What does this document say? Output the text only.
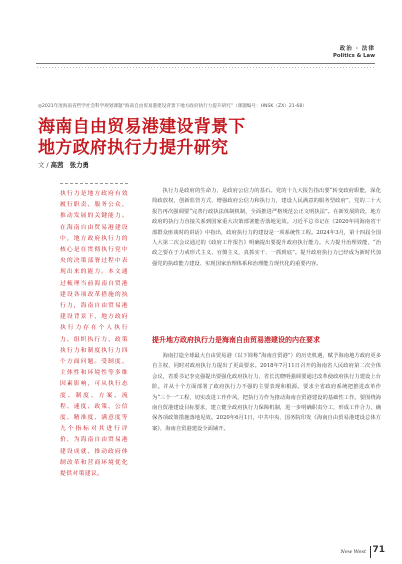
政治 · 法律
Politics & Law
◎2021年度海南省哲学社会科学规划课题“海南自由贸易港建设背景下地方政府执行力提升研究”（课题编号：HNSK（ZX）21-68）
海南自由贸易港建设背景下
地方政府执行力提升研究
文 / 高茜　张力勇
执行力是地方政府有效履行职责、服务公众、推动发展的关键能力。在海南自由贸易港建设中，地方政府执行力的核心是在贯彻执行党中央的决策部署过程中表现出来的能力。本文通过梳理当前海南自贸港建设各项改革措施的执行力，海南自由贸易港建设背景下，地方政府执行力存在个人执行力、组织执行力、政策执行力和制度执行力四个方面问题。受制度、主体性和环境性等多维因素影响，可从执行态度、制度、方案、流程、速度、政策、公信度、精准度、满意度等九个指标对其进行评价，为海南自由贸易港建设成就、推动政府体制改革和营商环境优化提供对策建议。

执行力是政府的生命力，是政府公信力的基石。党的十九大报告指出要“转变政府职能，深化简政放权，创新监管方式，增强政府公信力和执行力，建设人民满意的服务型政府”，党的二十大报告再次强调要“完善行政执法体制机制，全面推进严格规范公正文明执法”。在新发展阶段，地方政府的执行力直接关系到国家重大决策部署能否落地见效。习近平总书记在《2020年同海南省干部群众座谈时的讲话》中指出，政府执行力的建设是一项系统性工程。2024年3月，第十四届全国人大第二次会议通过的《政府工作报告》明确提出要提升政府执行能力。大力提升治理效能，“治政之要在于力戒形式主义、官僚主义，真抓实干、一抓到底”。提升政府执行力已经成为新时代加强党的执政能力建设、实现国家治理体系和治理能力现代化的重要内容。

提升地方政府执行力是海南自由贸易港建设的内在要求

海南打造全球最大自由贸易港（以下简称“海南自贸港”）的历史机遇，赋予海南地方政府更多自主权，同时对政府执行力提出了更高要求。2018年7月11日召开的海南省人民政府第二次全体会议，省委书记李克强提出要强化政府执行力，省长沈晓明强调要通过改革使政府执行力建设上台阶。并从十个方面部署了政府执行力不强的主要表现和根源。要求全省政府系统把推进改革作为“三个一”工程，切实改进工作作风，把执行力作为推动海南自贸港建设的基础性工作。要围绕海南自贸港建设目标要求，建立健全政府执行力保障机制，进一步明确职责分工，形成工作合力，确保各项政策措施落地见效。2020年6月1日，中共中央、国务院印发《海南自由贸易港建设总体方案》，海南自贸港建设全面铺开。

New West 71
